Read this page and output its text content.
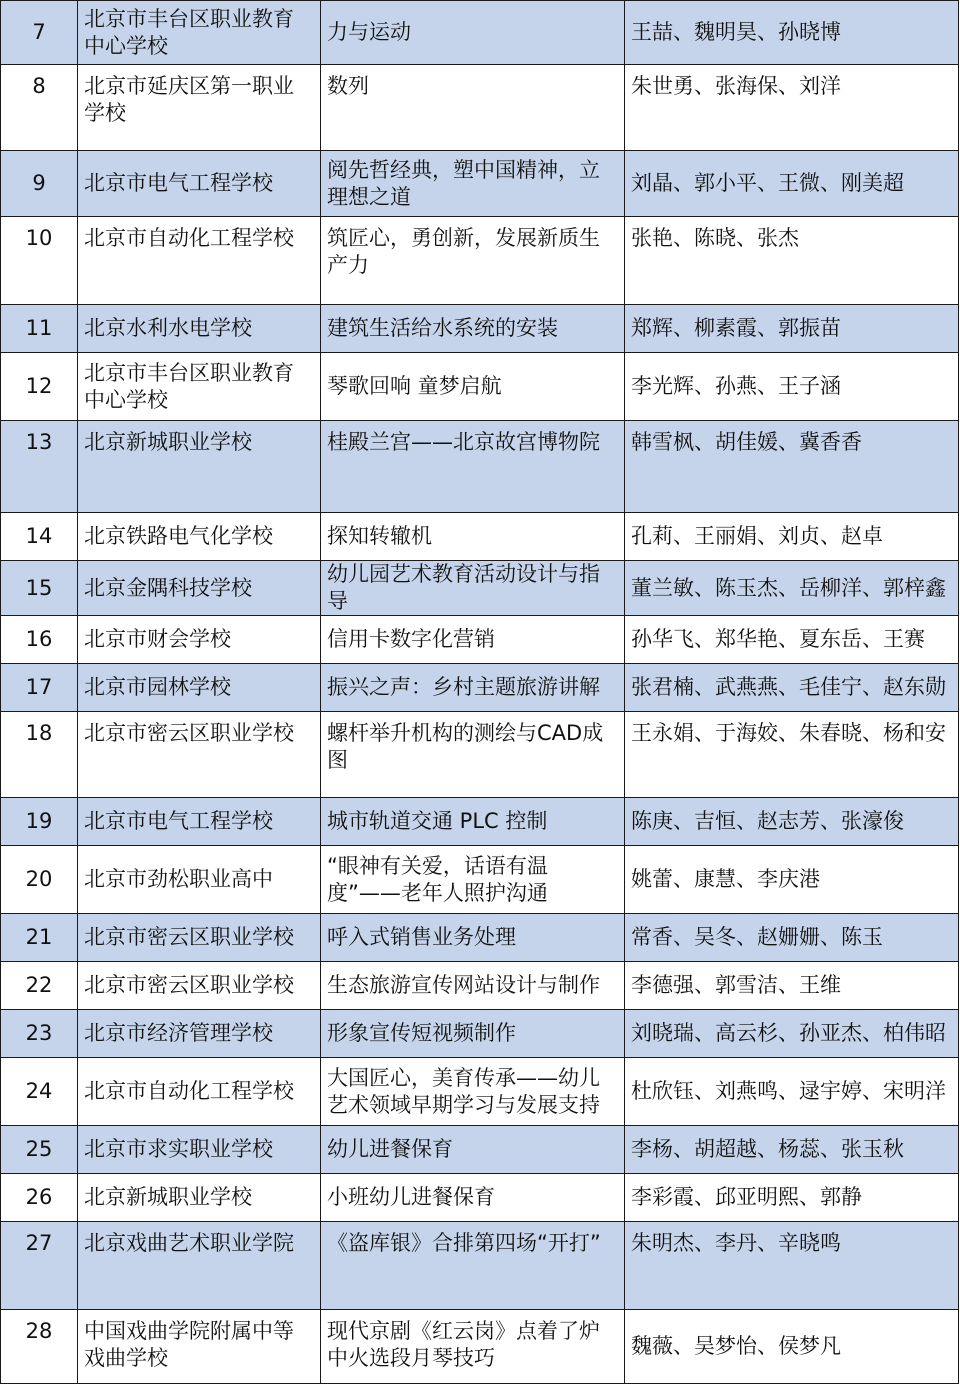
7	北京市丰台区职业教育中心学校	力与运动	王喆、魏明昊、孙晓博
8	北京市延庆区第一职业学校	数列	朱世勇、张海保、刘洋
9	北京市电气工程学校	阅先哲经典，塑中国精神，立理想之道	刘晶、郭小平、王微、刚美超
10	北京市自动化工程学校	筑匠心，勇创新，发展新质生产力	张艳、陈晓、张杰
11	北京水利水电学校	建筑生活给水系统的安装	郑辉、柳素霞、郭振苗
12	北京市丰台区职业教育中心学校	琴歌回响 童梦启航	李光辉、孙燕、王子涵
13	北京新城职业学校	桂殿兰宫——北京故宫博物院	韩雪枫、胡佳媛、冀香香
14	北京铁路电气化学校	探知转辙机	孔莉、王丽娟、刘贞、赵卓
15	北京金隅科技学校	幼儿园艺术教育活动设计与指导	董兰敏、陈玉杰、岳柳洋、郭梓鑫
16	北京市财会学校	信用卡数字化营销	孙华飞、郑华艳、夏东岳、王赛
17	北京市园林学校	振兴之声：乡村主题旅游讲解	张君楠、武燕燕、毛佳宁、赵东勋
18	北京市密云区职业学校	螺杆举升机构的测绘与CAD成图	王永娟、于海姣、朱春晓、杨和安
19	北京市电气工程学校	城市轨道交通 PLC 控制	陈庚、吉恒、赵志芳、张濠俊
20	北京市劲松职业高中	“眼神有关爱，话语有温度”——老年人照护沟通	姚蕾、康慧、李庆港
21	北京市密云区职业学校	呼入式销售业务处理	常香、吴冬、赵姗姗、陈玉
22	北京市密云区职业学校	生态旅游宣传网站设计与制作	李德强、郭雪洁、王维
23	北京市经济管理学校	形象宣传短视频制作	刘晓瑞、高云杉、孙亚杰、柏伟昭
24	北京市自动化工程学校	大国匠心，美育传承——幼儿艺术领域早期学习与发展支持	杜欣钰、刘燕鸣、逯宇婷、宋明洋
25	北京市求实职业学校	幼儿进餐保育	李杨、胡超越、杨蕊、张玉秋
26	北京新城职业学校	小班幼儿进餐保育	李彩霞、邱亚明熙、郭静
27	北京戏曲艺术职业学院	《盗库银》合排第四场“开打”	朱明杰、李丹、辛晓鸣
28	中国戏曲学院附属中等戏曲学校	现代京剧《红云岗》点着了炉中火选段月琴技巧	魏薇、吴梦怡、侯梦凡
